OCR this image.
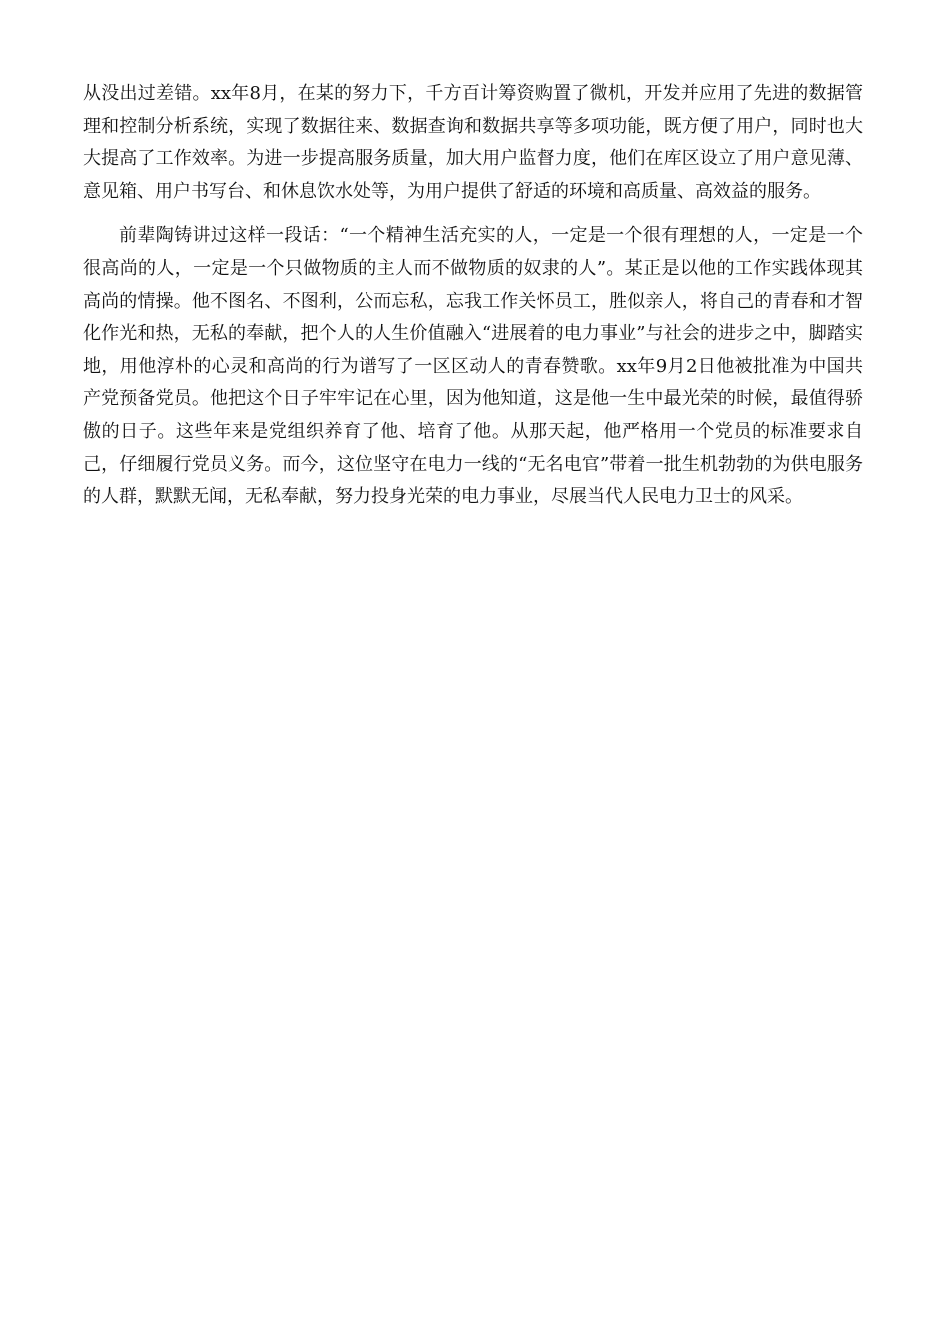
从没出过差错。xx年8月，在某的努力下，千方百计筹资购置了微机，开发并应用了先进的数据管理和控制分析系统，实现了数据往来、数据查询和数据共享等多项功能，既方便了用户，同时也大大提高了工作效率。为进一步提高服务质量，加大用户监督力度，他们在库区设立了用户意见薄、意见箱、用户书写台、和休息饮水处等，为用户提供了舒适的环境和高质量、高效益的服务。

前辈陶铸讲过这样一段话：“一个精神生活充实的人，一定是一个很有理想的人，一定是一个很高尚的人，一定是一个只做物质的主人而不做物质的奴隶的人”。某正是以他的工作实践体现其高尚的情操。他不图名、不图利，公而忘私，忘我工作关怀员工，胜似亲人，将自己的青春和才智化作光和热，无私的奉献，把个人的人生价值融入“进展着的电力事业”与社会的进步之中，脚踏实地，用他淳朴的心灵和高尚的行为谱写了一区区动人的青春赞歌。xx年9月2日他被批准为中国共产党预备党员。他把这个日子牢牢记在心里，因为他知道，这是他一生中最光荣的时候，最值得骄傲的日子。这些年来是党组织养育了他、培育了他。从那天起，他严格用一个党员的标准要求自己，仔细履行党员义务。而今，这位坚守在电力一线的“无名电官”带着一批生机勃勃的为供电服务的人群，默默无闻，无私奉献，努力投身光荣的电力事业，尽展当代人民电力卫士的风采。
